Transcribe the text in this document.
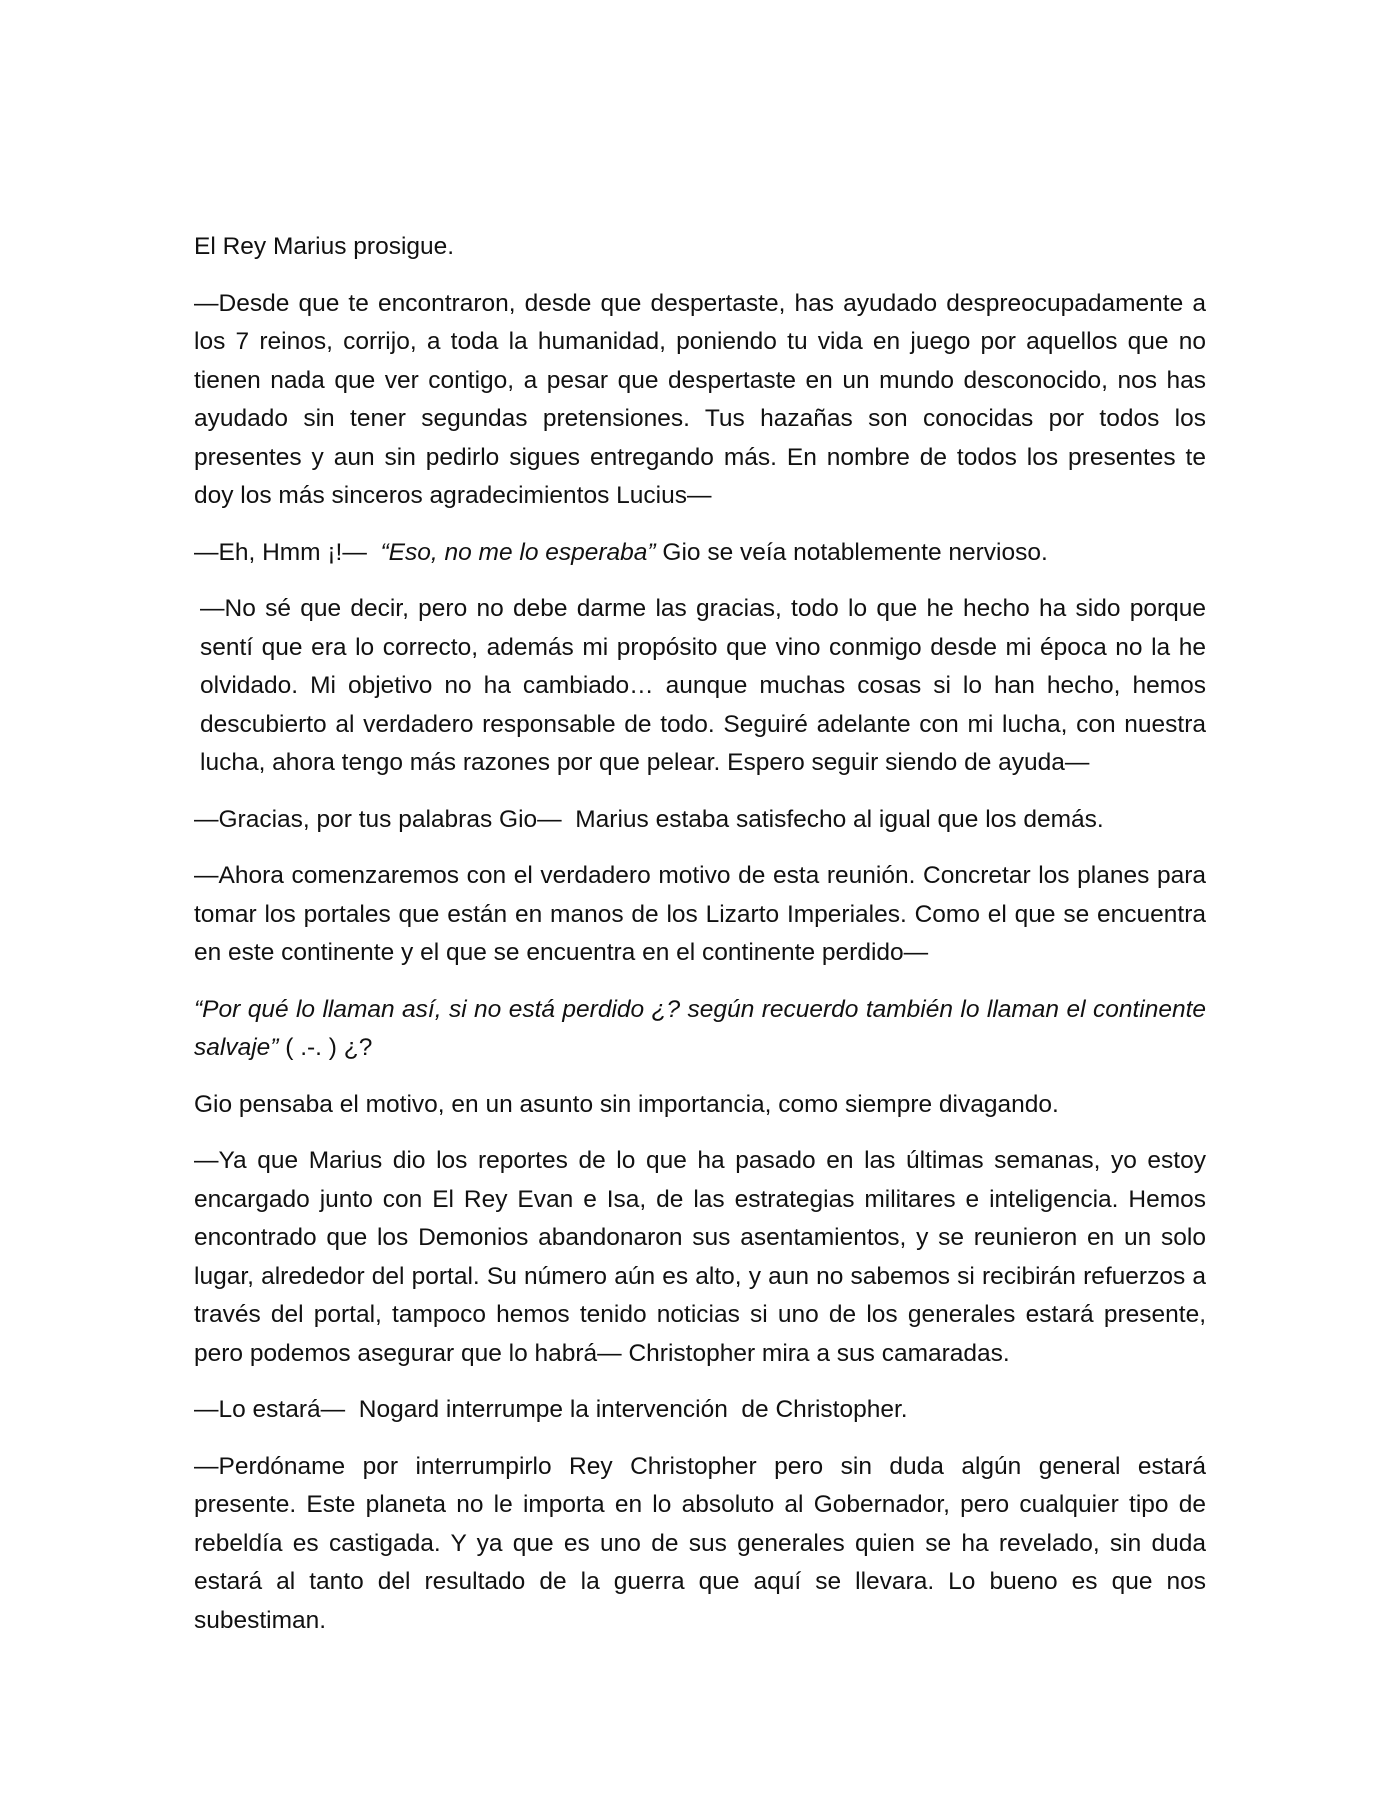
El Rey Marius prosigue.

—Desde que te encontraron, desde que despertaste, has ayudado despreocupadamente a los 7 reinos, corrijo, a toda la humanidad, poniendo tu vida en juego por aquellos que no tienen nada que ver contigo, a pesar que despertaste en un mundo desconocido, nos has ayudado sin tener segundas pretensiones. Tus hazañas son conocidas por todos los presentes y aun sin pedirlo sigues entregando más. En nombre de todos los presentes te doy los más sinceros agradecimientos Lucius—

—Eh, Hmm ¡!—  “Eso, no me lo esperaba” Gio se veía notablemente nervioso.

—No sé que decir, pero no debe darme las gracias, todo lo que he hecho ha sido porque sentí que era lo correcto, además mi propósito que vino conmigo desde mi época no la he olvidado. Mi objetivo no ha cambiado… aunque muchas cosas si lo han hecho, hemos descubierto al verdadero responsable de todo. Seguiré adelante con mi lucha, con nuestra lucha, ahora tengo más razones por que pelear. Espero seguir siendo de ayuda—

—Gracias, por tus palabras Gio—  Marius estaba satisfecho al igual que los demás.

—Ahora comenzaremos con el verdadero motivo de esta reunión. Concretar los planes para tomar los portales que están en manos de los Lizarto Imperiales. Como el que se encuentra en este continente y el que se encuentra en el continente perdido—

“Por qué lo llaman así, si no está perdido ¿? según recuerdo también lo llaman el continente salvaje” ( .-. ) ¿?

Gio pensaba el motivo, en un asunto sin importancia, como siempre divagando.

—Ya que Marius dio los reportes de lo que ha pasado en las últimas semanas, yo estoy encargado junto con El Rey Evan e Isa, de las estrategias militares e inteligencia. Hemos encontrado que los Demonios abandonaron sus asentamientos, y se reunieron en un solo lugar, alrededor del portal. Su número aún es alto, y aun no sabemos si recibirán refuerzos a través del portal, tampoco hemos tenido noticias si uno de los generales estará presente, pero podemos asegurar que lo habrá— Christopher mira a sus camaradas.

—Lo estará—  Nogard interrumpe la intervención  de Christopher.

—Perdóname por interrumpirlo Rey Christopher pero sin duda algún general estará presente. Este planeta no le importa en lo absoluto al Gobernador, pero cualquier tipo de rebeldía es castigada. Y ya que es uno de sus generales quien se ha revelado, sin duda estará al tanto del resultado de la guerra que aquí se llevara. Lo bueno es que nos subestiman.
